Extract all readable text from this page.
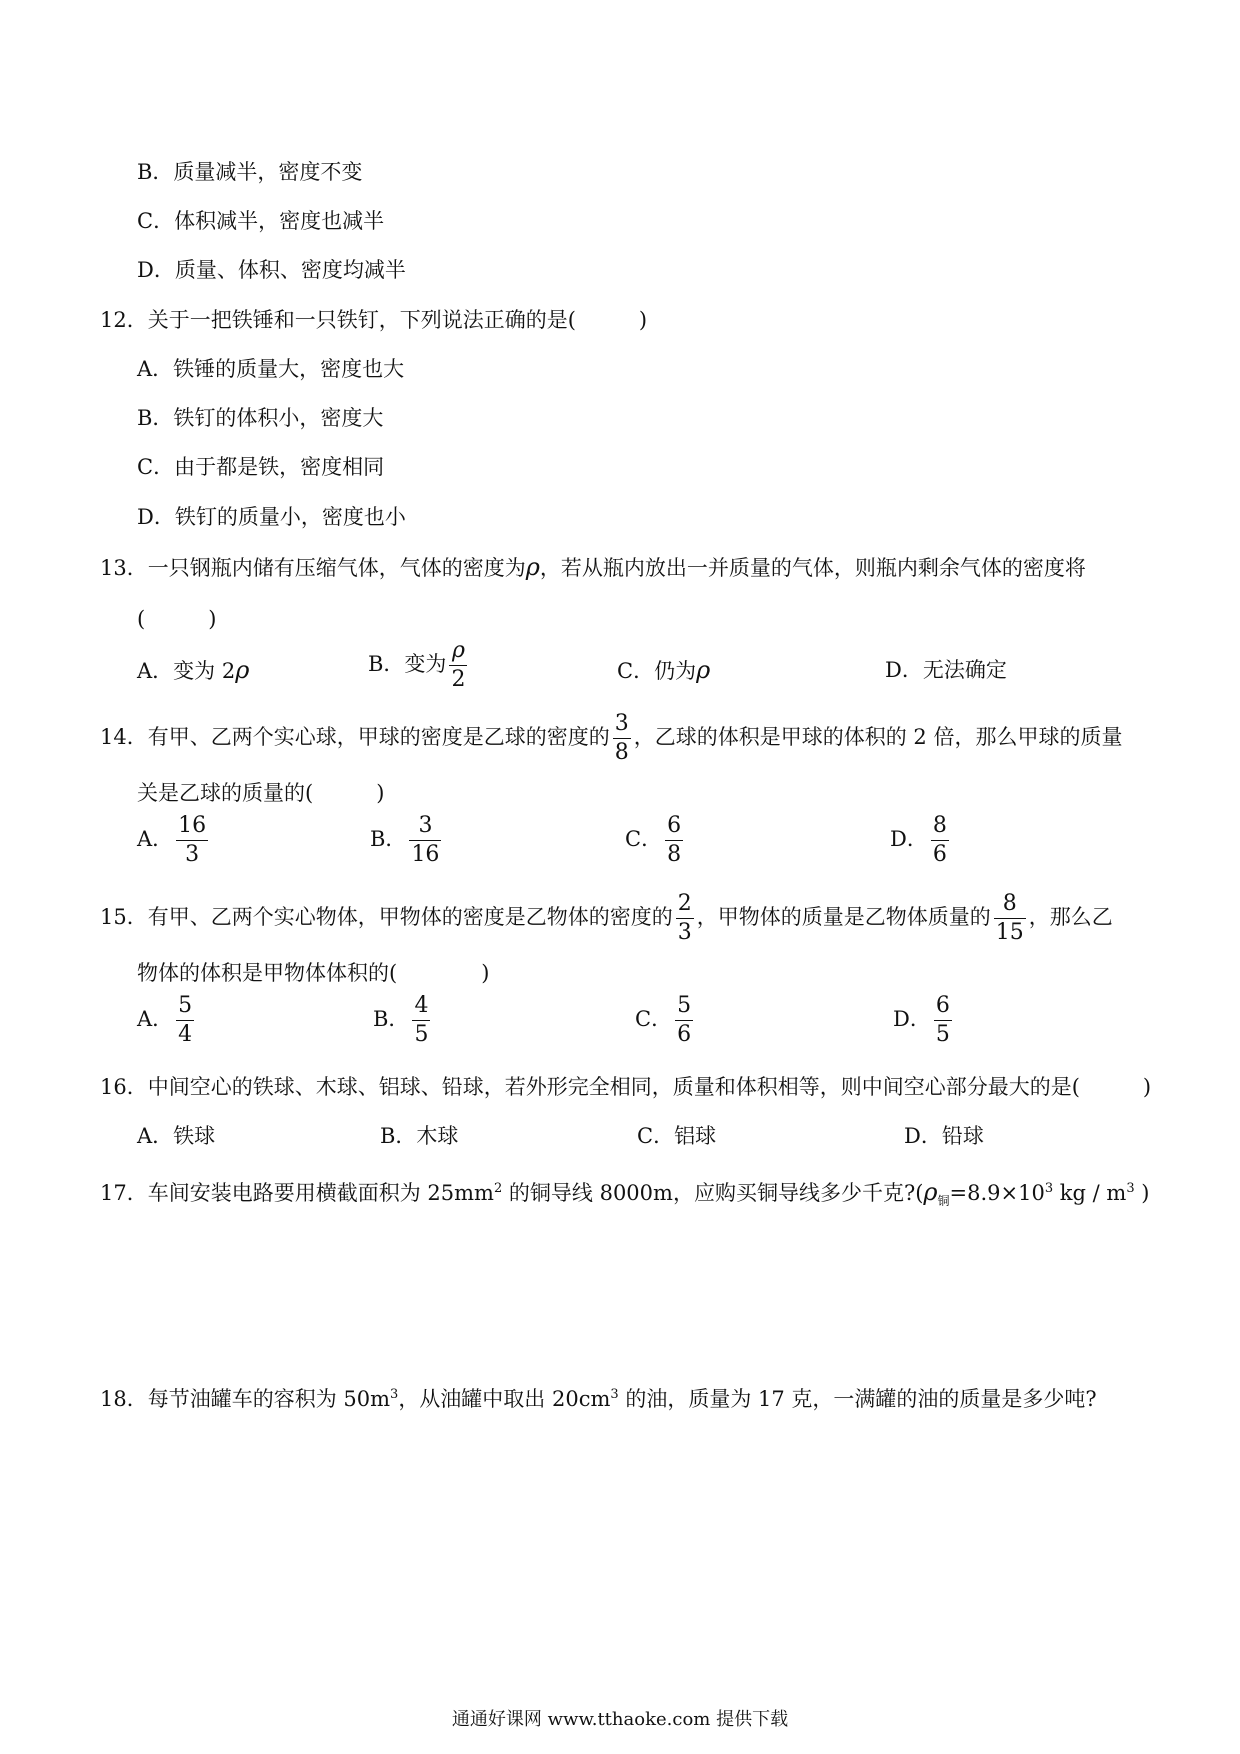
B．质量减半，密度不变
C．体积减半，密度也减半
D．质量、体积、密度均减半
12．关于一把铁锤和一只铁钉，下列说法正确的是(　　　)
A．铁锤的质量大，密度也大
B．铁钉的体积小，密度大
C．由于都是铁，密度相同
D．铁钉的质量小，密度也小
13．一只钢瓶内储有压缩气体，气体的密度为ρ，若从瓶内放出一并质量的气体，则瓶内剩余气体的密度将
(　　　)
A．变为 2ρ	B．变为 $\frac{\rho}{2}$	C．仍为ρ	D．无法确定
14．有甲、乙两个实心球，甲球的密度是乙球的密度的 $\frac{3}{8}$ ，乙球的体积是甲球的体积的 2 倍，那么甲球的质量
关是乙球的质量的(　　　)
A． $\frac{16}{3}$	B． $\frac{3}{16}$	C． $\frac{6}{8}$	D． $\frac{8}{6}$
15．有甲、乙两个实心物体，甲物体的密度是乙物体的密度的 $\frac{2}{3}$ ，甲物体的质量是乙物体质量的 $\frac{8}{15}$ ，那么乙
物体的体积是甲物体体积的(　　　　)
A． $\frac{5}{4}$	B． $\frac{4}{5}$	C． $\frac{5}{6}$	D． $\frac{6}{5}$
16．中间空心的铁球、木球、铝球、铅球，若外形完全相同，质量和体积相等，则中间空心部分最大的是(　　　)
A．铁球	B．木球	C．铝球	D．铅球
17．车间安装电路要用横截面积为 $25mm^2$ 的铜导线 8000m，应购买铜导线多少千克$?(\rho_铜=8.9\times 10^3$ kg / $m^3$ )
18．每节油罐车的容积为 $50m^3$，从油罐中取出 $20cm^3$ 的油，质量为 17 克，一满罐的油的质量是多少吨?
通通好课网 www.tthaoke.com 提供下载
